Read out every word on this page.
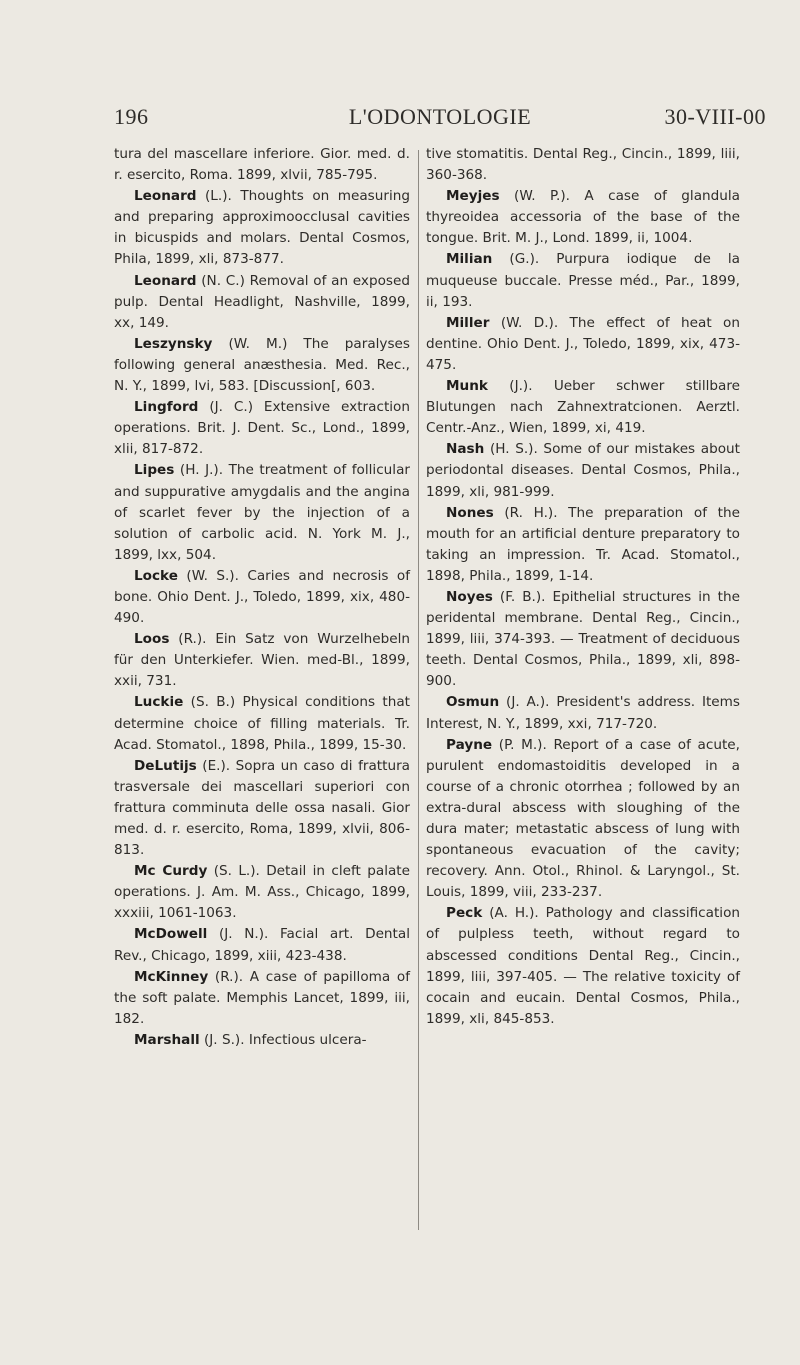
196	L'ODONTOLOGIE	30-VIII-00

tura del mascellare inferiore. Gior. med. d. r. esercito, Roma. 1899, xlvii, 785-795.

Leonard (L.). Thoughts on measuring and preparing approximoocclusal cavities in bicuspids and molars. Dental Cosmos, Phila, 1899, xli, 873-877.

Leonard (N. C.) Removal of an exposed pulp. Dental Headlight, Nashville, 1899, xx, 149.

Leszynsky (W. M.) The paralyses following general anæsthesia. Med. Rec., N. Y., 1899, lvi, 583. [Discussion[, 603.

Lingford (J. C.) Extensive extraction operations. Brit. J. Dent. Sc., Lond., 1899, xlii, 817-872.

Lipes (H. J.). The treatment of follicular and suppurative amygdalis and the angina of scarlet fever by the injection of a solution of carbolic acid. N. York M. J., 1899, lxx, 504.

Locke (W. S.). Caries and necrosis of bone. Ohio Dent. J., Toledo, 1899, xix, 480-490.

Loos (R.). Ein Satz von Wurzelhebeln für den Unterkiefer. Wien. med-Bl., 1899, xxii, 731.

Luckie (S. B.) Physical conditions that determine choice of filling materials. Tr. Acad. Stomatol., 1898, Phila., 1899, 15-30.

DeLutijs (E.). Sopra un caso di frattura trasversale dei mascellari superiori con frattura comminuta delle ossa nasali. Gior med. d. r. esercito, Roma, 1899, xlvii, 806-813.

Mc Curdy (S. L.). Detail in cleft palate operations. J. Am. M. Ass., Chicago, 1899, xxxiii, 1061-1063.

McDowell (J. N.). Facial art. Dental Rev., Chicago, 1899, xiii, 423-438.

McKinney (R.). A case of papilloma of the soft palate. Memphis Lancet, 1899, iii, 182.

Marshall (J. S.). Infectious ulcera-

tive stomatitis. Dental Reg., Cincin., 1899, liii, 360-368.

Meyjes (W. P.). A case of glandula thyreoidea accessoria of the base of the tongue. Brit. M. J., Lond. 1899, ii, 1004.

Milian (G.). Purpura iodique de la muqueuse buccale. Presse méd., Par., 1899, ii, 193.

Miller (W. D.). The effect of heat on dentine. Ohio Dent. J., Toledo, 1899, xix, 473-475.

Munk (J.). Ueber schwer stillbare Blutungen nach Zahnextratcionen. Aerztl. Centr.-Anz., Wien, 1899, xi, 419.

Nash (H. S.). Some of our mistakes about periodontal diseases. Dental Cosmos, Phila., 1899, xli, 981-999.

Nones (R. H.). The preparation of the mouth for an artificial denture preparatory to taking an impression. Tr. Acad. Stomatol., 1898, Phila., 1899, 1-14.

Noyes (F. B.). Epithelial structures in the peridental membrane. Dental Reg., Cincin., 1899, liii, 374-393. — Treatment of deciduous teeth. Dental Cosmos, Phila., 1899, xli, 898-900.

Osmun (J. A.). President's address. Items Interest, N. Y., 1899, xxi, 717-720.

Payne (P. M.). Report of a case of acute, purulent endomastoiditis developed in a course of a chronic otorrhea ; followed by an extra-dural abscess with sloughing of the dura mater; metastatic abscess of lung with spontaneous evacuation of the cavity; recovery. Ann. Otol., Rhinol. & Laryngol., St. Louis, 1899, viii, 233-237.

Peck (A. H.). Pathology and classification of pulpless teeth, without regard to abscessed conditions Dental Reg., Cincin., 1899, liii, 397-405. — The relative toxicity of cocain and eucain. Dental Cosmos, Phila., 1899, xli, 845-853.
